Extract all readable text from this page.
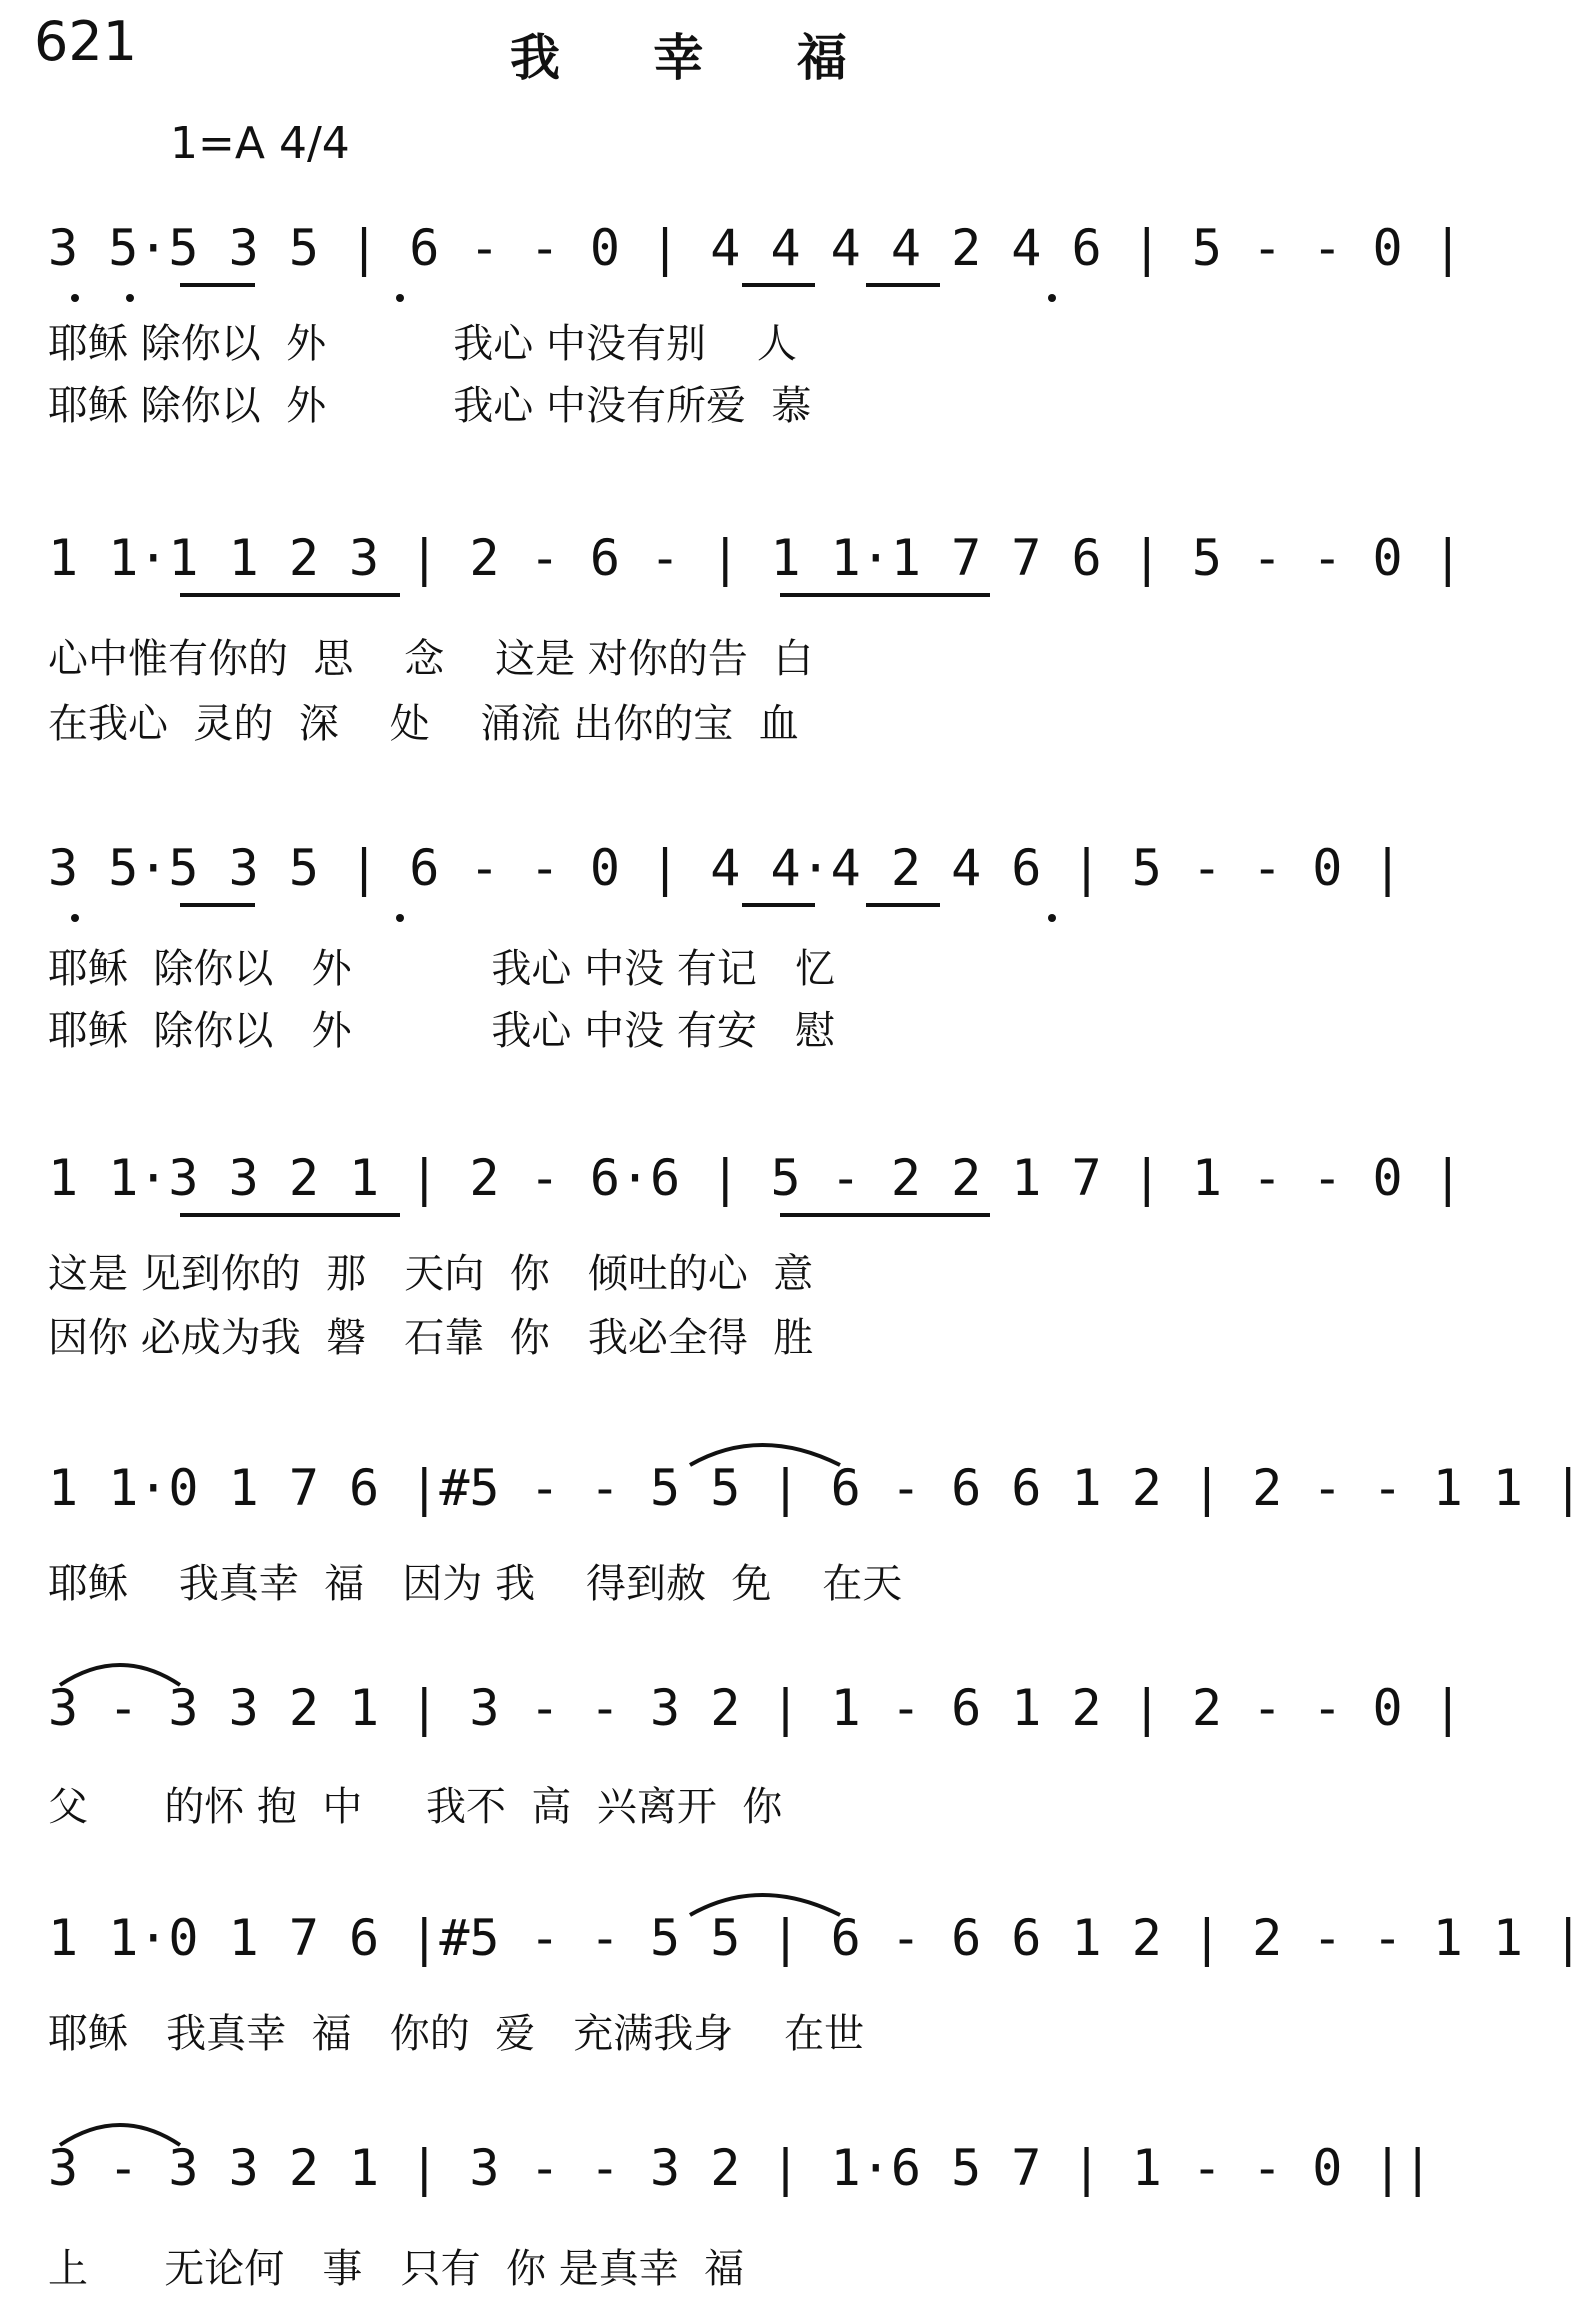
621	我 幸 福
1=A 4/4
3 5·5 3 5 | 6 - - 0 | 4 4 4 4 2 4 6 | 5 - - 0 |
耶稣 除你以  外          我心 中没有别    人
耶稣 除你以  外          我心 中没有所爱  慕
1 1·1 1 2 3 | 2 - 6 - | 1 1·1 7 7 6 | 5 - - 0 |
心中惟有你的  思    念    这是 对你的告  白
在我心  灵的  深    处    涌流 出你的宝  血
3 5·5 3 5 | 6 - - 0 | 4 4·4 2 4 6 | 5 - - 0 |
耶稣  除你以   外           我心 中没 有记   忆
耶稣  除你以   外           我心 中没 有安   慰
1 1·3 3 2 1 | 2 - 6·6 | 5 - 2 2 1 7 | 1 - - 0 |
这是 见到你的  那   天向  你   倾吐的心  意
因你 必成为我  磐   石靠  你   我必全得  胜
1 1·0 1 7 6 |#5 - - 5 5 | 6 - 6 6 1 2 | 2 - - 1 1 |
耶稣    我真幸  福   因为 我    得到赦  免    在天
3 - 3 3 2 1 | 3 - - 3 2 | 1 - 6 1 2 | 2 - - 0 |
父      的怀 抱  中     我不  高  兴离开  你
1 1·0 1 7 6 |#5 - - 5 5 | 6 - 6 6 1 2 | 2 - - 1 1 |
耶稣   我真幸  福   你的  爱   充满我身    在世
3 - 3 3 2 1 | 3 - - 3 2 | 1·6 5 7 | 1 - - 0 ||
上      无论何   事   只有  你 是真幸  福
